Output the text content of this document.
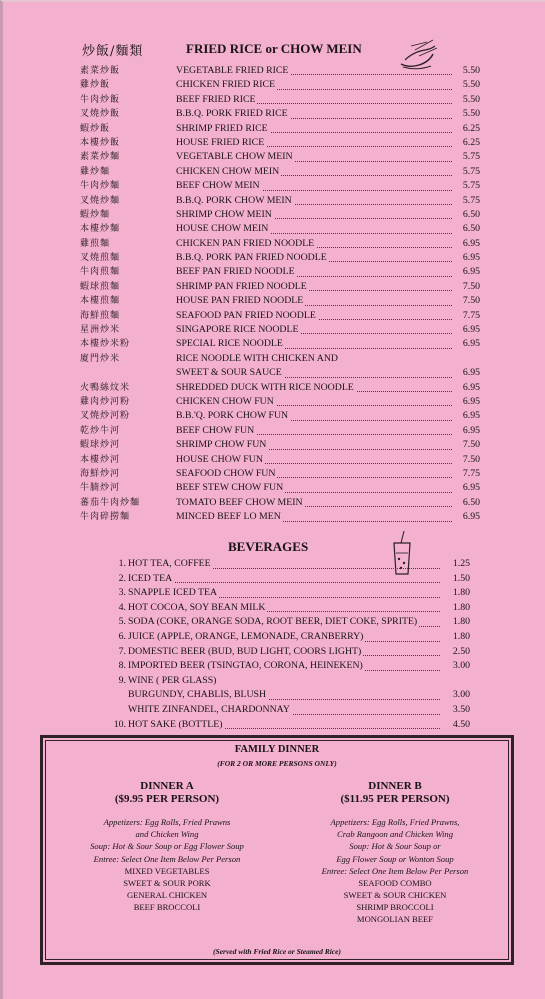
炒飯/麵類	FRIED RICE or CHOW MEIN
素菜炒飯	VEGETABLE FRIED RICE	5.50
雞炒飯	CHICKEN FRIED RICE	5.50
牛肉炒飯	BEEF FRIED RICE	5.50
叉燒炒飯	B.B.Q. PORK FRIED RICE	5.50
蝦炒飯	SHRIMP FRIED RICE	6.25
本樓炒飯	HOUSE FRIED RICE	6.25
素菜炒麵	VEGETABLE CHOW MEIN	5.75
雞炒麵	CHICKEN CHOW MEIN	5.75
牛肉炒麵	BEEF CHOW MEIN	5.75
叉燒炒麵	B.B.Q. PORK CHOW MEIN	5.75
蝦炒麵	SHRIMP CHOW MEIN	6.50
本樓炒麵	HOUSE CHOW MEIN	6.50
雞煎麵	CHICKEN PAN FRIED NOODLE	6.95
叉燒煎麵	B.B.Q. PORK PAN FRIED NOODLE	6.95
牛肉煎麵	BEEF PAN FRIED NOODLE	6.95
蝦球煎麵	SHRIMP PAN FRIED NOODLE	7.50
本樓煎麵	HOUSE PAN FRIED NOODLE	7.50
海鮮煎麵	SEAFOOD PAN FRIED NOODLE	7.75
星洲炒米	SINGAPORE RICE NOODLE	6.95
本樓炒米粉	SPECIAL RICE NOODLE	6.95
廈門炒米	RICE NOODLE WITH CHICKEN AND
SWEET & SOUR SAUCE	6.95
火鴨絲炆米	SHREDDED DUCK WITH RICE NOODLE	6.95
雞肉炒河粉	CHICKEN CHOW FUN	6.95
叉燒炒河粉	B.B.'Q. PORK CHOW FUN	6.95
乾炒牛河	BEEF CHOW FUN	6.95
蝦球炒河	SHRIMP CHOW FUN	7.50
本樓炒河	HOUSE CHOW FUN	7.50
海鮮炒河	SEAFOOD CHOW FUN	7.75
牛腩炒河	BEEF STEW CHOW FUN	6.95
蕃茄牛肉炒麵	TOMATO BEEF CHOW MEIN	6.50
牛肉碎撈麵	MINCED BEEF LO MEN	6.95
BEVERAGES
1. HOT TEA, COFFEE	1.25
2. ICED TEA	1.50
3. SNAPPLE ICED TEA	1.80
4. HOT COCOA, SOY BEAN MILK	1.80
5. SODA (COKE, ORANGE SODA, ROOT BEER, DIET COKE, SPRITE)	1.80
6. JUICE (APPLE, ORANGE, LEMONADE, CRANBERRY)	1.80
7. DOMESTIC BEER (BUD, BUD LIGHT, COORS LIGHT)	2.50
8. IMPORTED BEER (TSINGTAO, CORONA, HEINEKEN)	3.00
9. WINE ( PER GLASS)
BURGUNDY, CHABLIS, BLUSH	3.00
WHITE ZINFANDEL, CHARDONNAY	3.50
10. HOT SAKE (BOTTLE)	4.50
FAMILY DINNER
(FOR 2 OR MORE PERSONS ONLY)
DINNER A
($9.95 PER PERSON)
Appetizers: Egg Rolls, Fried Prawns
and Chicken Wing
Soup: Hot & Sour Soup or Egg Flower Soup
Entree: Select One Item Below Per Person
MIXED VEGETABLES
SWEET & SOUR PORK
GENERAL CHICKEN
BEEF BROCCOLI
DINNER B
($11.95 PER PERSON)
Appetizers: Egg Rolls, Fried Prawns,
Crab Rangoon and Chicken Wing
Soup: Hot & Sour Soup or
Egg Flower Soup or Wonton Soup
Entree: Select One Item Below Per Person
SEAFOOD COMBO
SWEET & SOUR CHICKEN
SHRIMP BROCCOLI
MONGOLIAN BEEF
(Served with Fried Rice or Steamed Rice)
